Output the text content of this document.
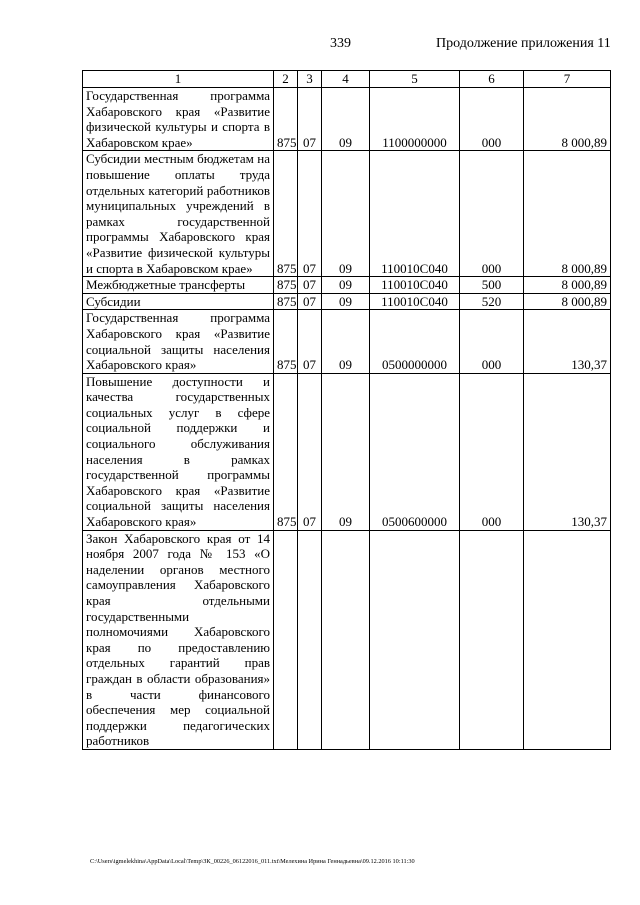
339	Продолжение приложения 11
1	2	3	4	5	6	7
Государственная программа Хабаровского края «Развитие физической культуры и спорта в Хабаровском крае»	875	07	09	1100000000	000	8 000,89
Субсидии местным бюджетам на повышение оплаты труда отдельных категорий работников муниципальных учреждений в рамках государственной программы Хабаровского края «Развитие физической культуры и спорта в Хабаровском крае»	875	07	09	110010С040	000	8 000,89
Межбюджетные трансферты	875	07	09	110010С040	500	8 000,89
Субсидии	875	07	09	110010С040	520	8 000,89
Государственная программа Хабаровского края «Развитие социальной защиты населения Хабаровского края»	875	07	09	0500000000	000	130,37
Повышение доступности и качества государственных социальных услуг в сфере социальной поддержки и социального обслуживания населения в рамках государственной программы Хабаровского края «Развитие социальной защиты населения Хабаровского края»	875	07	09	0500600000	000	130,37
Закон Хабаровского края от 14 ноября 2007 года № 153 «О наделении органов местного самоуправления Хабаровского края отдельными государственными полномочиями Хабаровского края по предоставлению отдельных гарантий прав граждан в области образования» в части финансового обеспечения мер социальной поддержки педагогических работников						
C:\Users\igmelekhina\AppData\Local\Temp\ЗК_00226_06122016_011.txt\Мелехина Ирина Геннадьевна\09.12.2016 10:11:30
